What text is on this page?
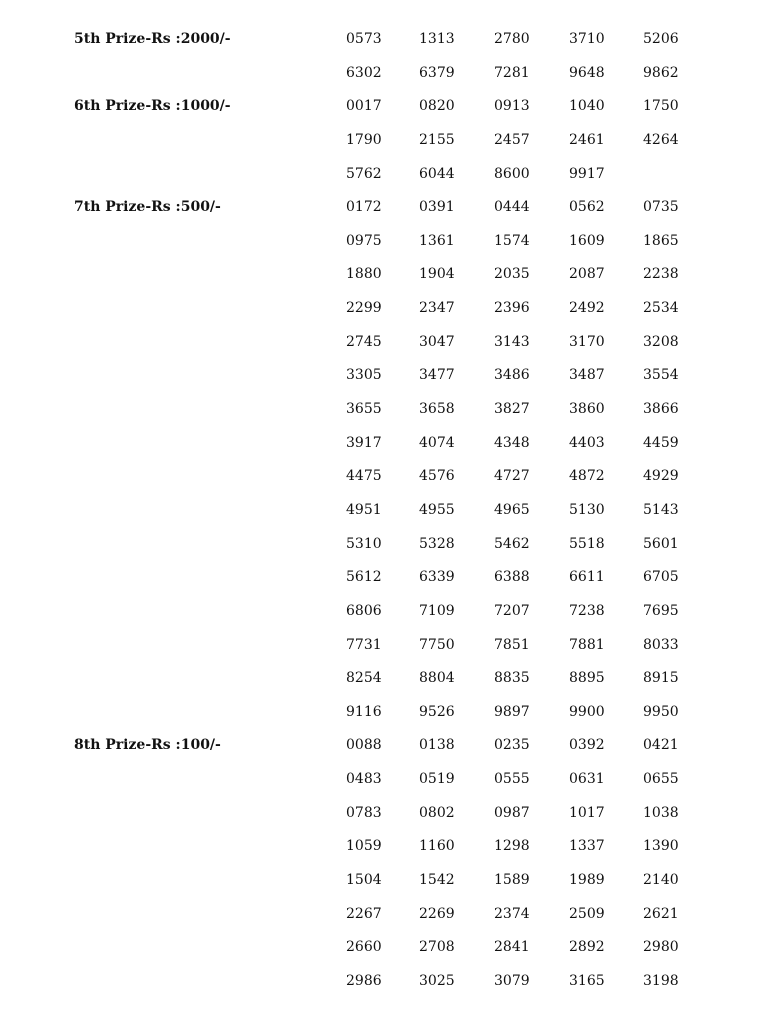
5th Prize-Rs :2000/-	0573	1313	2780	3710	5206
6302	6379	7281	9648	9862
6th Prize-Rs :1000/-	0017	0820	0913	1040	1750
1790	2155	2457	2461	4264
5762	6044	8600	9917
7th Prize-Rs :500/-	0172	0391	0444	0562	0735
0975	1361	1574	1609	1865
1880	1904	2035	2087	2238
2299	2347	2396	2492	2534
2745	3047	3143	3170	3208
3305	3477	3486	3487	3554
3655	3658	3827	3860	3866
3917	4074	4348	4403	4459
4475	4576	4727	4872	4929
4951	4955	4965	5130	5143
5310	5328	5462	5518	5601
5612	6339	6388	6611	6705
6806	7109	7207	7238	7695
7731	7750	7851	7881	8033
8254	8804	8835	8895	8915
9116	9526	9897	9900	9950
8th Prize-Rs :100/-	0088	0138	0235	0392	0421
0483	0519	0555	0631	0655
0783	0802	0987	1017	1038
1059	1160	1298	1337	1390
1504	1542	1589	1989	2140
2267	2269	2374	2509	2621
2660	2708	2841	2892	2980
2986	3025	3079	3165	3198
